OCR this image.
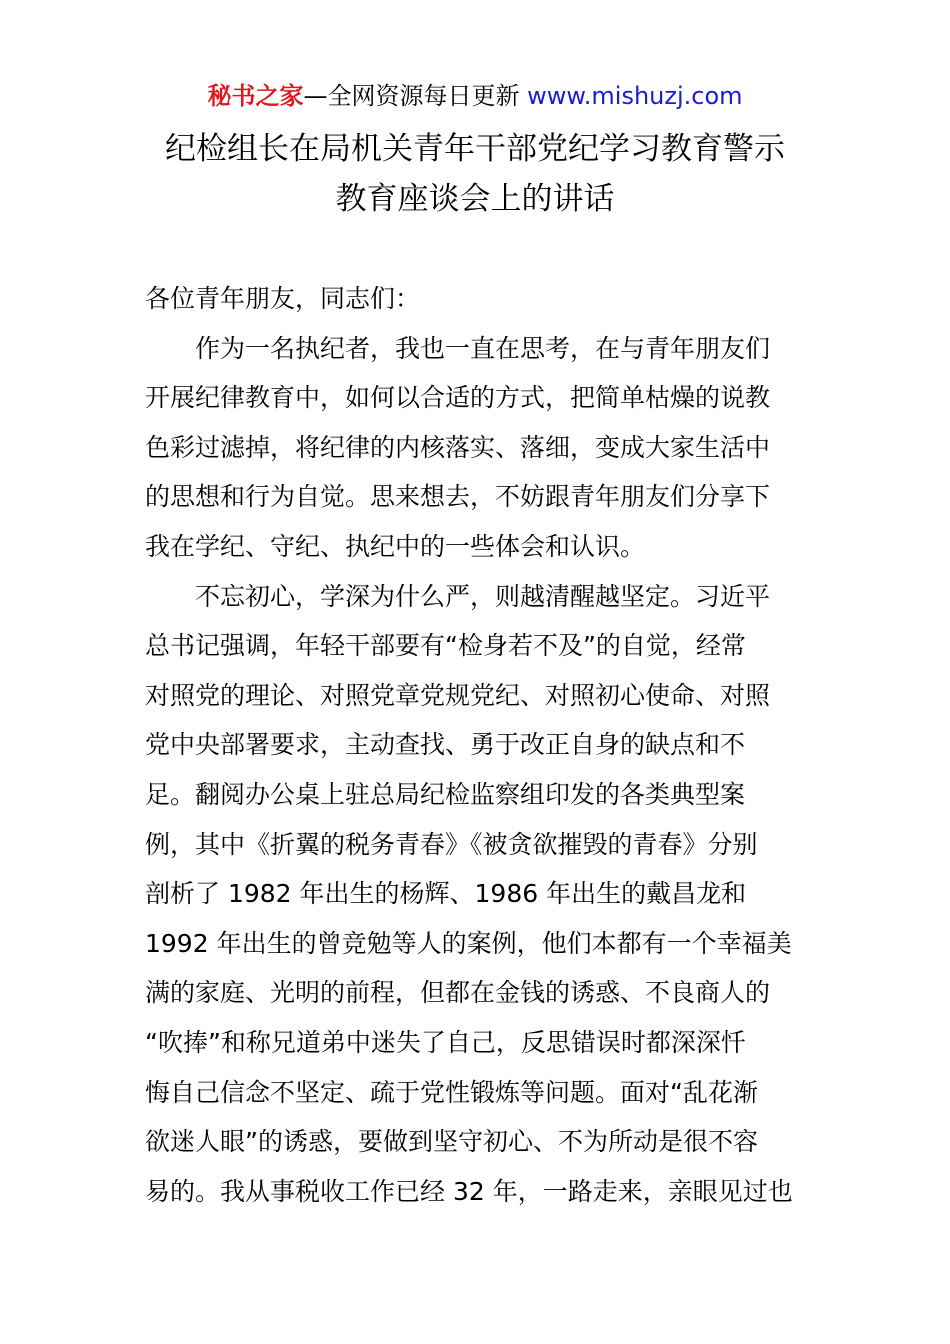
秘书之家—全网资源每日更新 www.mishuzj.com
纪检组长在局机关青年干部党纪学习教育警示
教育座谈会上的讲话
各位青年朋友，同志们：
作为一名执纪者，我也一直在思考，在与青年朋友们
开展纪律教育中，如何以合适的方式，把简单枯燥的说教
色彩过滤掉，将纪律的内核落实、落细，变成大家生活中
的思想和行为自觉。思来想去，不妨跟青年朋友们分享下
我在学纪、守纪、执纪中的一些体会和认识。
不忘初心，学深为什么严，则越清醒越坚定。习近平
总书记强调，年轻干部要有“检身若不及”的自觉，经常
对照党的理论、对照党章党规党纪、对照初心使命、对照
党中央部署要求，主动查找、勇于改正自身的缺点和不
足。翻阅办公桌上驻总局纪检监察组印发的各类典型案
例，其中《折翼的税务青春》《被贪欲摧毁的青春》分别
剖析了 1982 年出生的杨辉、1986 年出生的戴昌龙和
1992 年出生的曾竞勉等人的案例，他们本都有一个幸福美
满的家庭、光明的前程，但都在金钱的诱惑、不良商人的
“吹捧”和称兄道弟中迷失了自己，反思错误时都深深忏
悔自己信念不坚定、疏于党性锻炼等问题。面对“乱花渐
欲迷人眼”的诱惑，要做到坚守初心、不为所动是很不容
易的。我从事税收工作已经 32 年，一路走来，亲眼见过也
